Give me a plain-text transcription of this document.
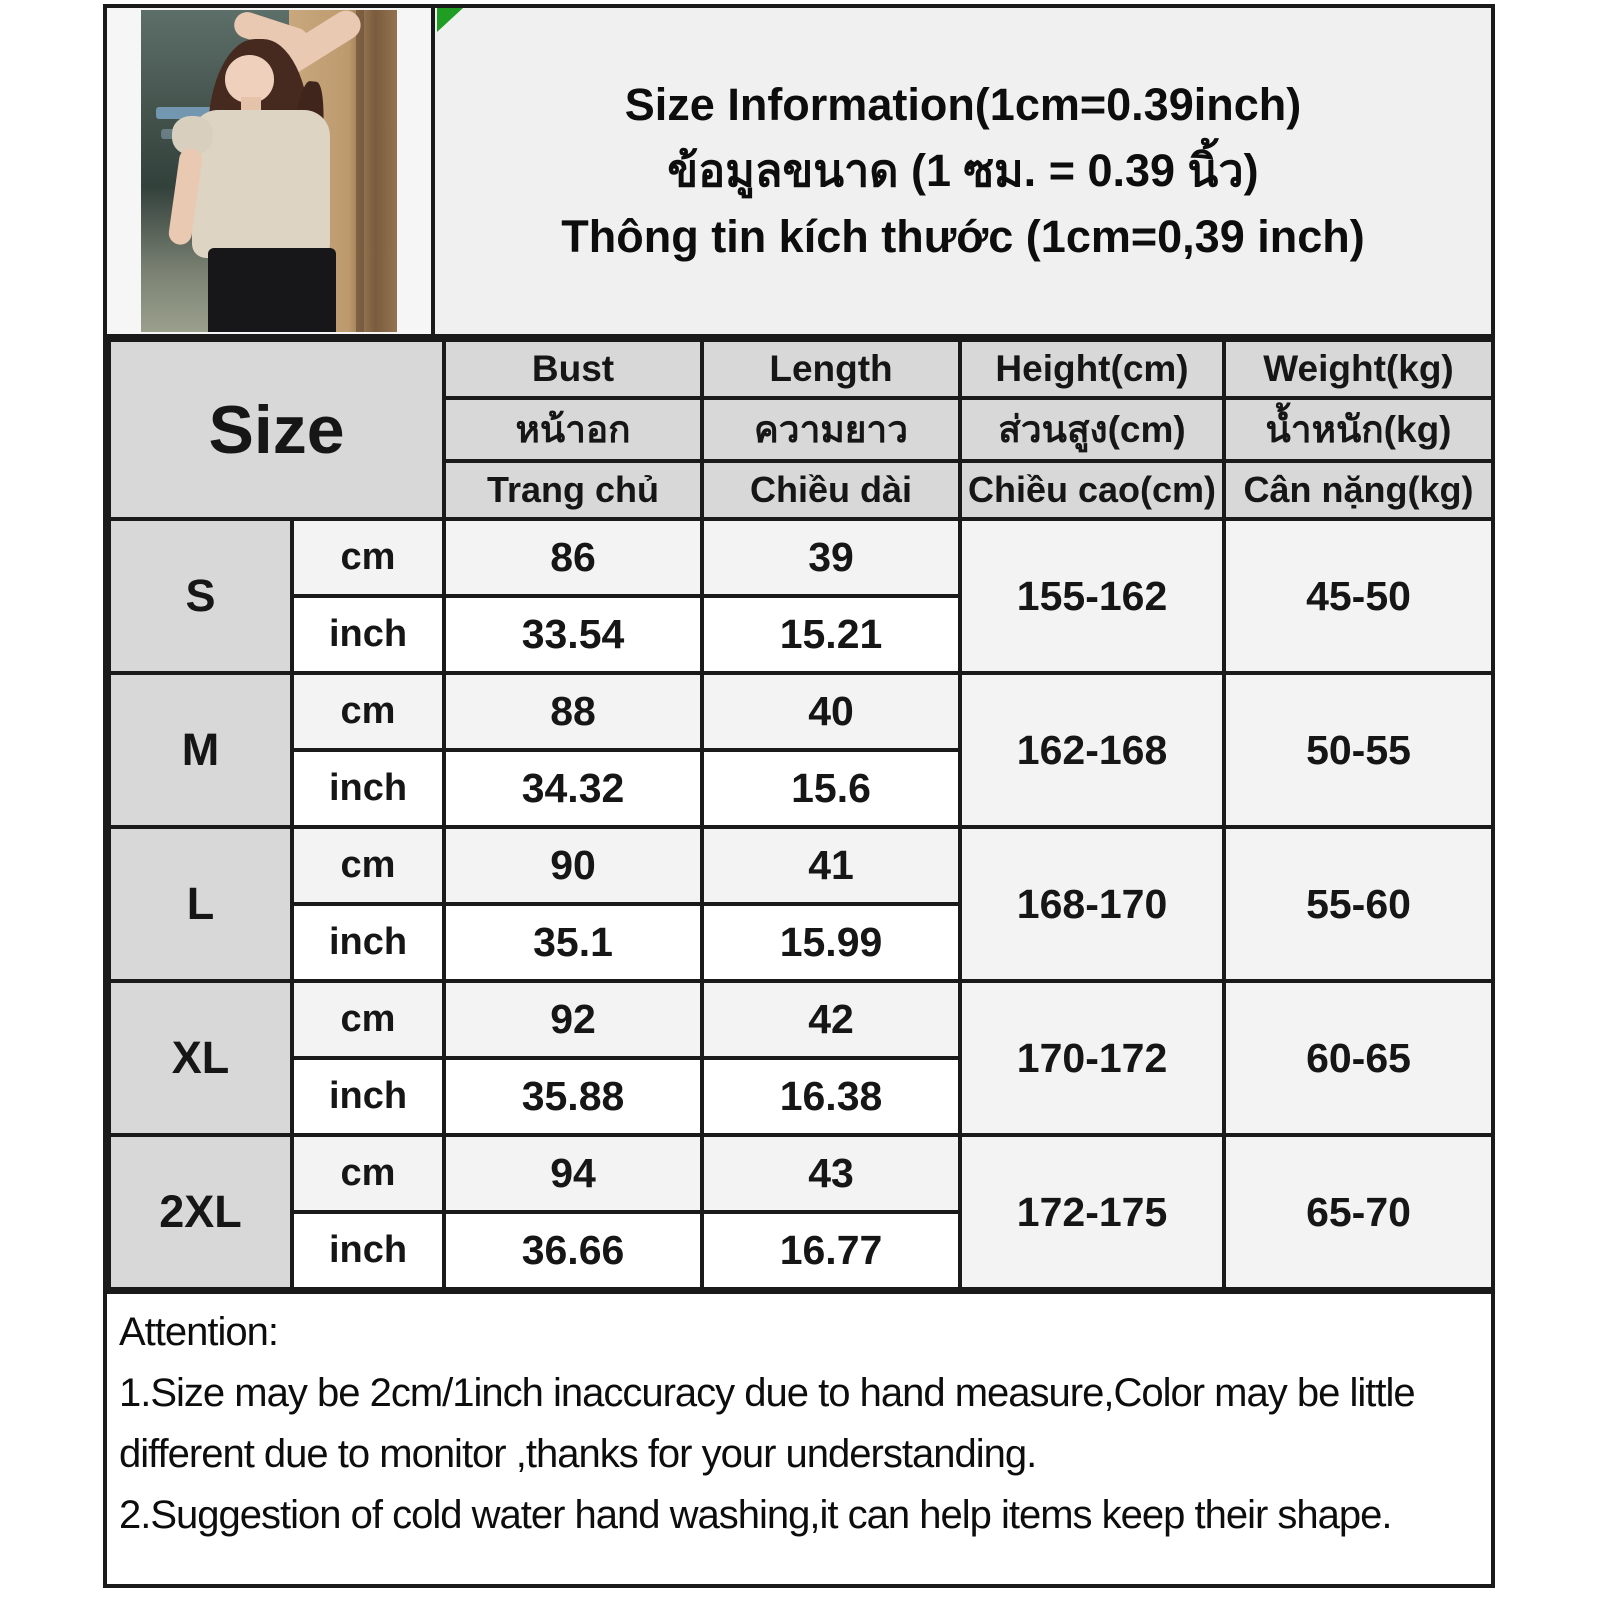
Size Information(1cm=0.39inch)
ข้อมูลขนาด (1 ซม. = 0.39 นิ้ว)
Thông tin kích thước (1cm=0,39 inch)
Size		Bust	Length	Height(cm)	Weight(kg)
		หน้าอก	ความยาว	ส่วนสูง(cm)	น้ำหนัก(kg)
		Trang chủ	Chiều dài	Chiều cao(cm)	Cân nặng(kg)
S	cm	86	39	155-162	45-50
	inch	33.54	15.21		
M	cm	88	40	162-168	50-55
	inch	34.32	15.6		
L	cm	90	41	168-170	55-60
	inch	35.1	15.99		
XL	cm	92	42	170-172	60-65
	inch	35.88	16.38		
2XL	cm	94	43	172-175	65-70
	inch	36.66	16.77		

Attention:

1.Size may be 2cm/1inch inaccuracy due to hand measure,Color may be little different due to monitor ,thanks for your understanding.

2.Suggestion of cold water hand washing,it can help items keep their shape.
